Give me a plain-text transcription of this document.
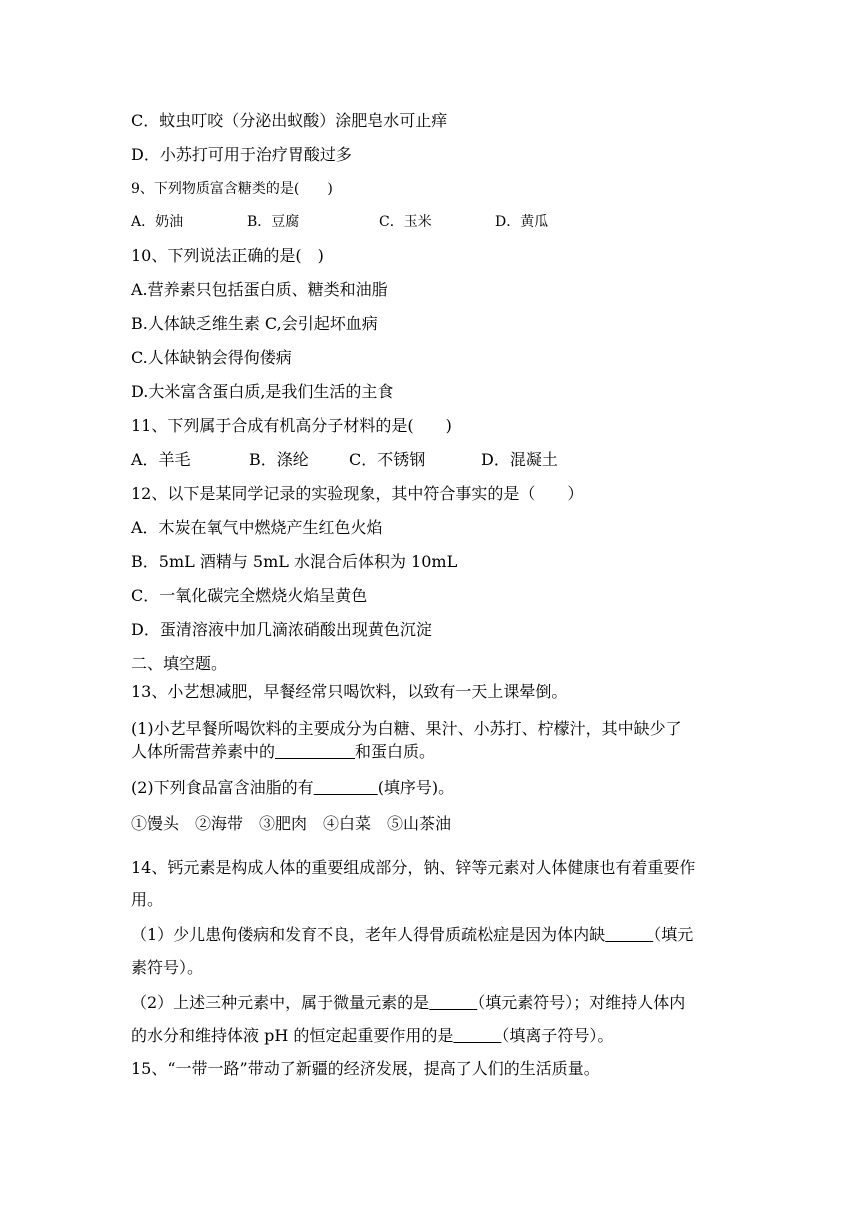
C．蚊虫叮咬（分泌出蚁酸）涂肥皂水可止痒
D．小苏打可用于治疗胃酸过多
9、下列物质富含糖类的是(　　)
A．奶油	B．豆腐	C．玉米	D．黄瓜
10、下列说法正确的是(　)
A.营养素只包括蛋白质、糖类和油脂
B.人体缺乏维生素 C,会引起坏血病
C.人体缺钠会得佝偻病
D.大米富含蛋白质,是我们生活的主食
11、下列属于合成有机高分子材料的是(　　)
A．羊毛	B．涤纶	C．不锈钢	D．混凝土
12、以下是某同学记录的实验现象，其中符合事实的是（　　）
A．木炭在氧气中燃烧产生红色火焰
B．5mL 酒精与 5mL 水混合后体积为 10mL
C．一氧化碳完全燃烧火焰呈黄色
D．蛋清溶液中加几滴浓硝酸出现黄色沉淀
二、填空题。
13、小艺想减肥，早餐经常只喝饮料，以致有一天上课晕倒。
(1)小艺早餐所喝饮料的主要成分为白糖、果汁、小苏打、柠檬汁，其中缺少了
人体所需营养素中的　　　　　	和蛋白质。
(2)下列食品富含油脂的有　　　　	(填序号)。
①馒头　②海带　③肥肉　④白菜　⑤山茶油
14、钙元素是构成人体的重要组成部分，钠、锌等元素对人体健康也有着重要作
用。
（1）少儿患佝偻病和发育不良，老年人得骨质疏松症是因为体内缺　　　	（填元
素符号）。
（2）上述三种元素中，属于微量元素的是　　　	（填元素符号）；对维持人体内
的水分和维持体液 pH 的恒定起重要作用的是　　　	（填离子符号）。
15、“一带一路”带动了新疆的经济发展，提高了人们的生活质量。
